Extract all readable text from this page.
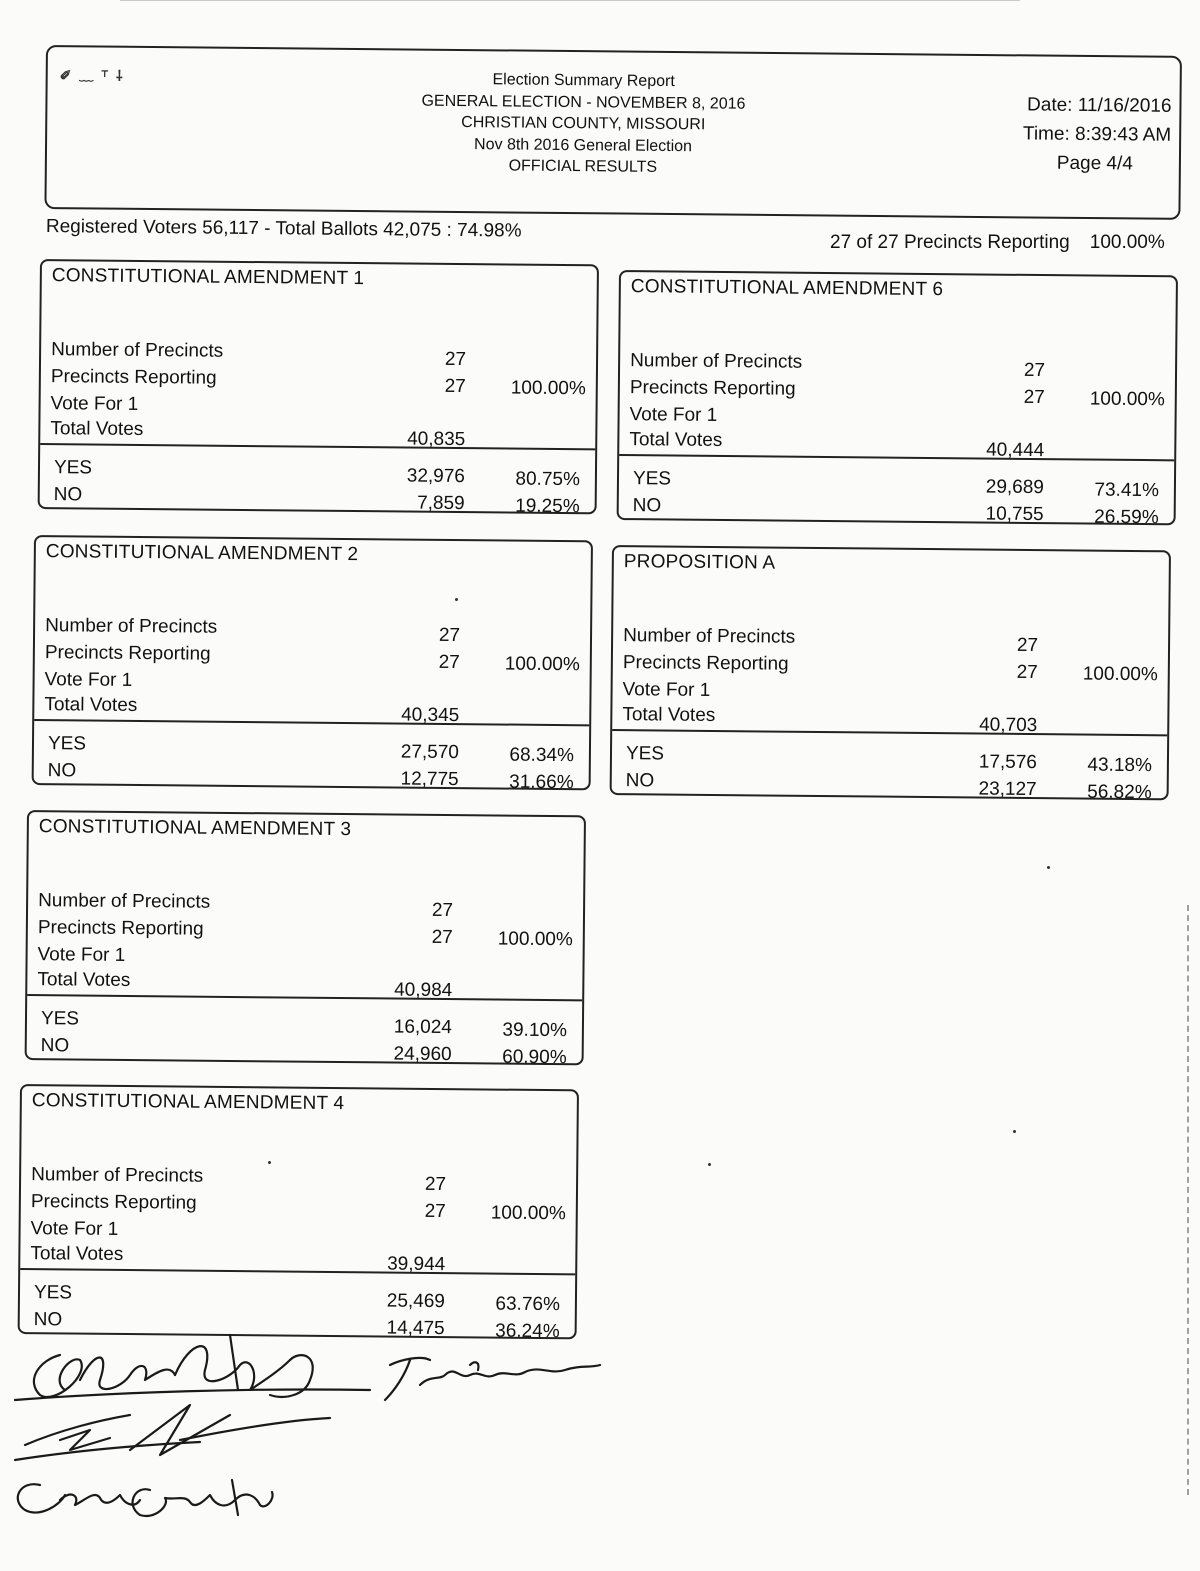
✐ ﹏ ⸆ ⸸	Election Summary Report
GENERAL ELECTION - NOVEMBER 8, 2016
CHRISTIAN COUNTY, MISSOURI
Nov 8th 2016 General Election
OFFICIAL RESULTS
Date: 11/16/2016
Time: 8:39:43 AM
Page 4/4
Registered Voters 56,117 - Total Ballots 42,075 : 74.98%
27 of 27 Precincts Reporting 100.00%
CONSTITUTIONAL AMENDMENT 1
Number of Precincts	27
Precincts Reporting	27	100.00%
Vote For 1
Total Votes	40,835
YES	32,976	80.75%
NO	7,859	19.25%
CONSTITUTIONAL AMENDMENT 2
Number of Precincts	27
Precincts Reporting	27	100.00%
Vote For 1
Total Votes	40,345
YES	27,570	68.34%
NO	12,775	31.66%
CONSTITUTIONAL AMENDMENT 3
Number of Precincts	27
Precincts Reporting	27	100.00%
Vote For 1
Total Votes	40,984
YES	16,024	39.10%
NO	24,960	60.90%
CONSTITUTIONAL AMENDMENT 4
Number of Precincts	27
Precincts Reporting	27	100.00%
Vote For 1
Total Votes	39,944
YES	25,469	63.76%
NO	14,475	36.24%
CONSTITUTIONAL AMENDMENT 6
Number of Precincts	27
Precincts Reporting	27	100.00%
Vote For 1
Total Votes	40,444
YES	29,689	73.41%
NO	10,755	26.59%
PROPOSITION A
Number of Precincts	27
Precincts Reporting	27	100.00%
Vote For 1
Total Votes	40,703
YES	17,576	43.18%
NO	23,127	56.82%
